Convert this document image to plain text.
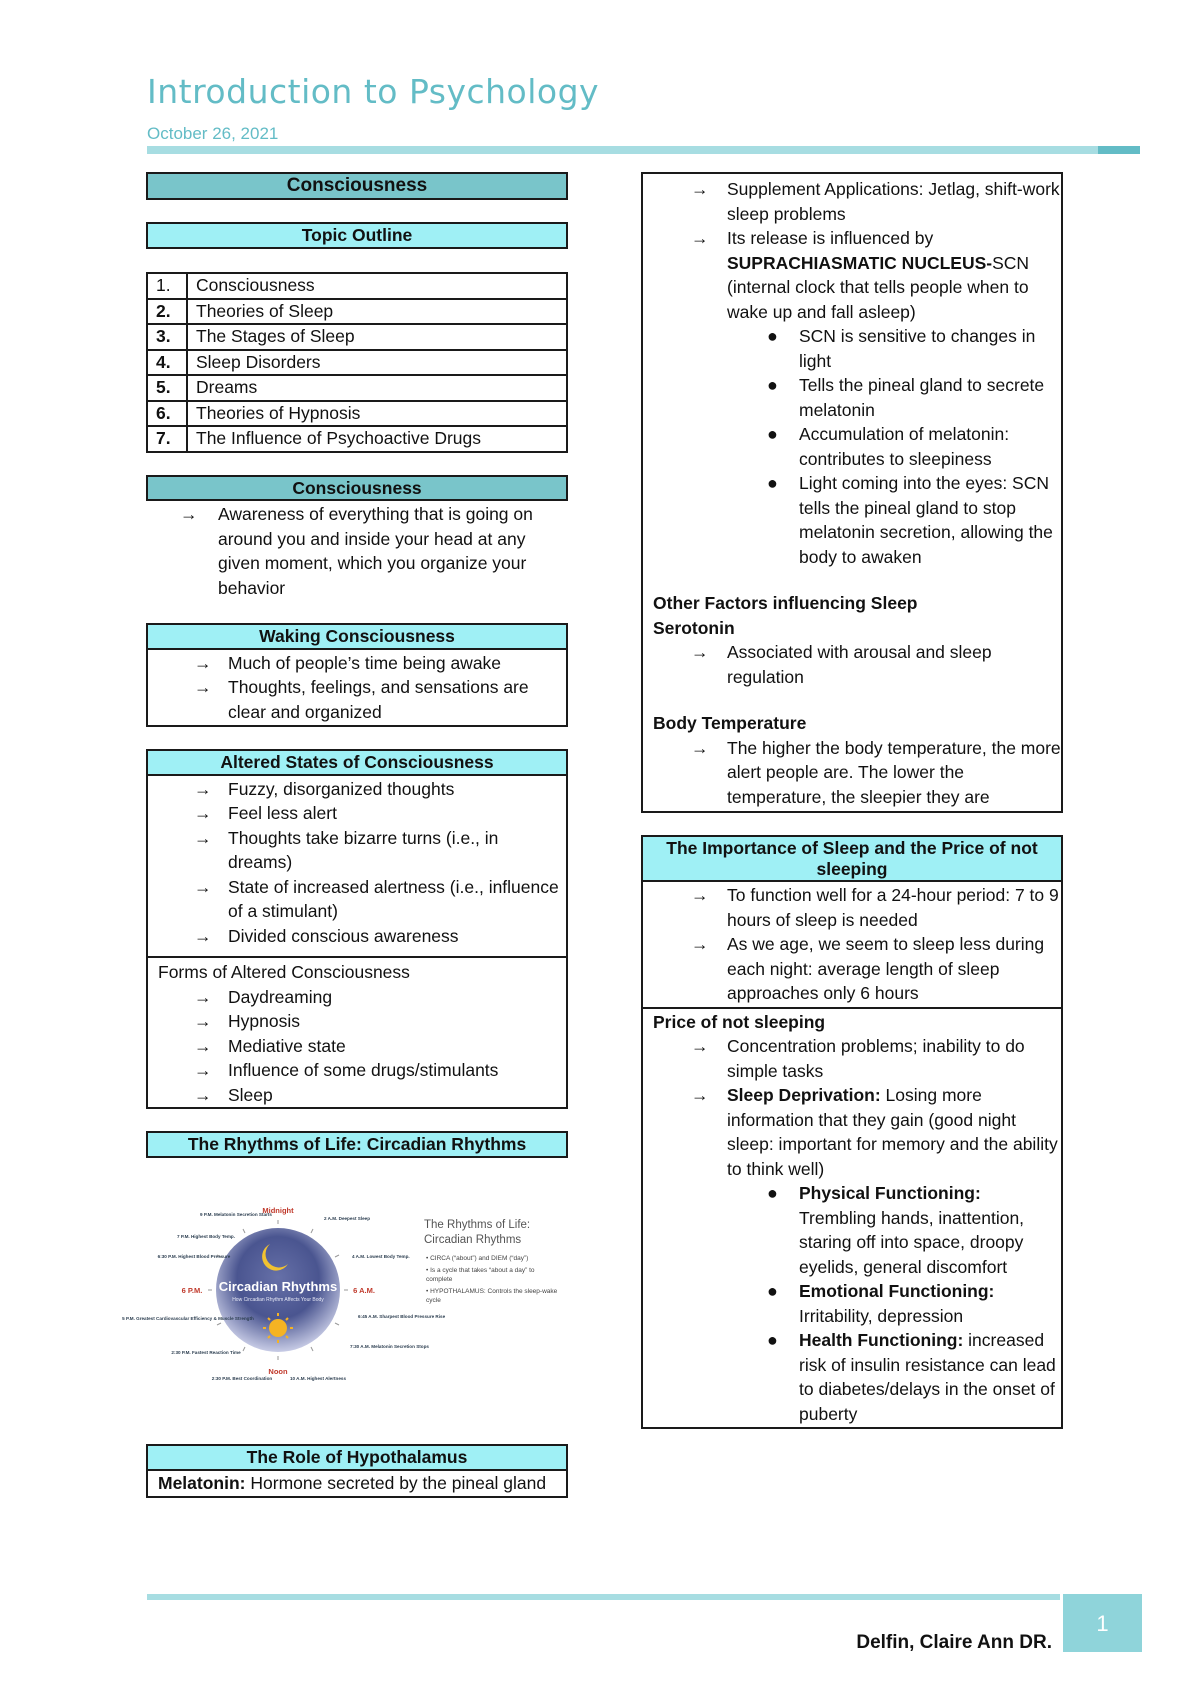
Introduction to Psychology
October 26, 2021
Consciousness
Topic Outline
1.	Consciousness
2.	Theories of Sleep
3.	The Stages of Sleep
4.	Sleep Disorders
5.	Dreams
6.	Theories of Hypnosis
7.	The Influence of Psychoactive Drugs
Consciousness
→ Awareness of everything that is going on around you and inside your head at any given moment, which you organize your behavior
Waking Consciousness
→ Much of people’s time being awake
→ Thoughts, feelings, and sensations are clear and organized
Altered States of Consciousness
→ Fuzzy, disorganized thoughts
→ Feel less alert
→ Thoughts take bizarre turns (i.e., in dreams)
→ State of increased alertness (i.e., influence of a stimulant)
→ Divided conscious awareness
Forms of Altered Consciousness
→ Daydreaming
→ Hypnosis
→ Mediative state
→ Influence of some drugs/stimulants
→ Sleep
The Rhythms of Life: Circadian Rhythms
Circadian Rhythms
How Circadian Rhythm Affects Your Body
Midnight
Noon
6 A.M.
6 P.M.
9 P.M. Melatonin Secretion Starts
2 A.M. Deepest Sleep
7 P.M. Highest Body Temp.
6:30 P.M. Highest Blood Pressure	4 A.M. Lowest Body Temp.
6:45 A.M. Sharpest Blood Pressure Rise
5 P.M. Greatest Cardiovascular Efficiency & Muscle Strength
7:30 A.M. Melatonin Secretion Stops
2:30 P.M. Fastest Reaction Time
2:30 P.M. Best Coordination	10 A.M. Highest Alertness
The Rhythms of Life: Circadian Rhythms
• CIRCA (“about”) and DIEM (“day”)
• Is a cycle that takes “about a day” to complete
• HYPOTHALAMUS: Controls the sleep-wake cycle
The Role of Hypothalamus
Melatonin: Hormone secreted by the pineal gland
→ Supplement Applications: Jetlag, shift-work sleep problems
→ Its release is influenced by
SUPRACHIASMATIC NUCLEUS-SCN (internal clock that tells people when to wake up and fall asleep)
● SCN is sensitive to changes in light
● Tells the pineal gland to secrete melatonin
● Accumulation of melatonin: contributes to sleepiness
● Light coming into the eyes: SCN tells the pineal gland to stop melatonin secretion, allowing the body to awaken
Other Factors influencing Sleep
Serotonin
→ Associated with arousal and sleep regulation
Body Temperature
→ The higher the body temperature, the more alert people are. The lower the temperature, the sleepier they are
The Importance of Sleep and the Price of not sleeping
→ To function well for a 24-hour period: 7 to 9 hours of sleep is needed
→ As we age, we seem to sleep less during each night: average length of sleep approaches only 6 hours
Price of not sleeping
→ Concentration problems; inability to do simple tasks
→ Sleep Deprivation: Losing more information that they gain (good night sleep: important for memory and the ability to think well)
● Physical Functioning: Trembling hands, inattention, staring off into space, droopy eyelids, general discomfort
● Emotional Functioning: Irritability, depression
● Health Functioning: increased risk of insulin resistance can lead to diabetes/delays in the onset of puberty
1
Delfin, Claire Ann DR.
